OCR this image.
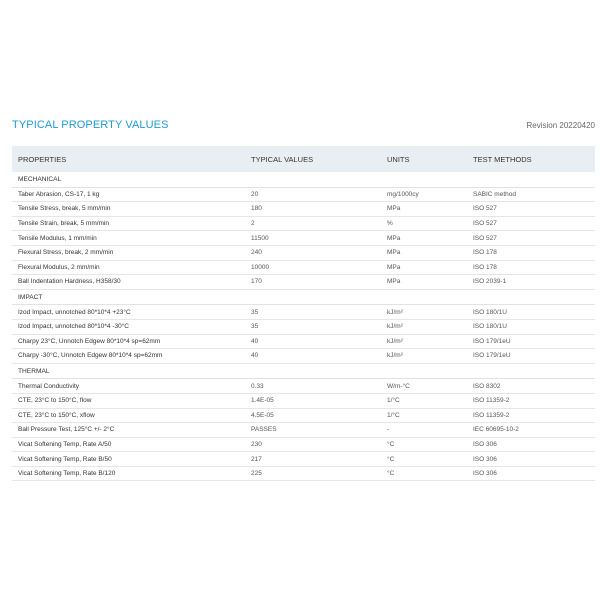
TYPICAL PROPERTY VALUES	Revision 20220420
PROPERTIES	TYPICAL VALUES	UNITS	TEST METHODS
MECHANICAL			
Taber Abrasion, CS-17, 1 kg	20	mg/1000cy	SABIC method
Tensile Stress, break, 5 mm/min	180	MPa	ISO 527
Tensile Strain, break, 5 mm/min	2	%	ISO 527
Tensile Modulus, 1 mm/min	11500	MPa	ISO 527
Flexural Stress, break, 2 mm/min	240	MPa	ISO 178
Flexural Modulus, 2 mm/min	10000	MPa	ISO 178
Ball Indentation Hardness, H358/30	170	MPa	ISO 2039-1
IMPACT			
Izod Impact, unnotched 80*10*4 +23°C	35	kJ/m²	ISO 180/1U
Izod Impact, unnotched 80*10*4 -30°C	35	kJ/m²	ISO 180/1U
Charpy 23°C, Unnotch Edgew 80*10*4 sp=62mm	40	kJ/m²	ISO 179/1eU
Charpy -30°C, Unnotch Edgew 80*10*4 sp=62mm	40	kJ/m²	ISO 179/1eU
THERMAL			
Thermal Conductivity	0.33	W/m-°C	ISO 8302
CTE, 23°C to 150°C, flow	1.4E-05	1/°C	ISO 11359-2
CTE, 23°C to 150°C, xflow	4.5E-05	1/°C	ISO 11359-2
Ball Pressure Test, 125°C +/- 2°C	PASSES	-	IEC 60695-10-2
Vicat Softening Temp, Rate A/50	230	°C	ISO 306
Vicat Softening Temp, Rate B/50	217	°C	ISO 306
Vicat Softening Temp, Rate B/120	225	°C	ISO 306
